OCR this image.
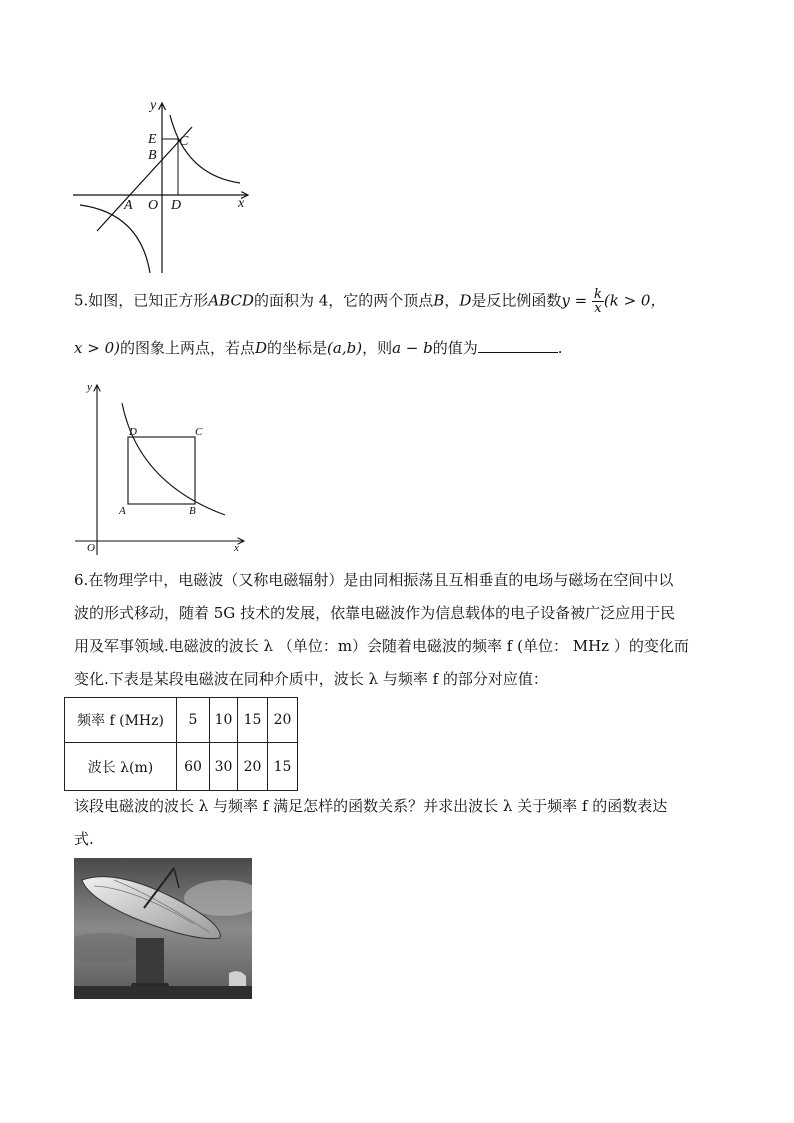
y
x
E
B
C
A O D
5.如图，已知正方形ABCD的面积为 4，它的两个顶点B，D是反比例函数$y = \frac{k}{x} (k > 0$，
x > 0)的图象上两点，若点D的坐标是(a,b)，则a − b的值为	.
y
x
D	C
A	B
O
6.在物理学中，电磁波（又称电磁辐射）是由同相振荡且互相垂直的电场与磁场在空间中以
波的形式移动，随着 5G 技术的发展，依靠电磁波作为信息载体的电子设备被广泛应用于民
用及军事领域.电磁波的波长 λ （单位：m）会随着电磁波的频率 f (单位： MHz ）的变化而
变化.下表是某段电磁波在同种介质中，波长 λ 与频率 f 的部分对应值：
频率 f (MHz)	5	10	15	20
波长 λ(m)	60	30	20	15
该段电磁波的波长 λ 与频率 f 满足怎样的函数关系？并求出波长 λ 关于频率 f 的函数表达
式.
